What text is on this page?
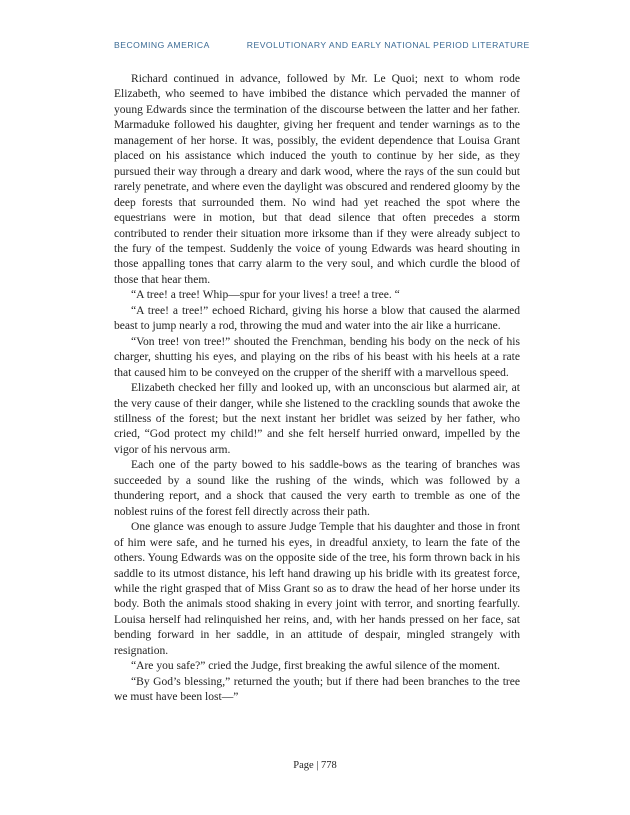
BECOMING AMERICA	REVOLUTIONARY AND EARLY NATIONAL PERIOD LITERATURE

Richard continued in advance, followed by Mr. Le Quoi; next to whom rode Elizabeth, who seemed to have imbibed the distance which pervaded the manner of young Edwards since the termination of the discourse between the latter and her father. Marmaduke followed his daughter, giving her frequent and tender warnings as to the management of her horse. It was, possibly, the evident dependence that Louisa Grant placed on his assistance which induced the youth to continue by her side, as they pursued their way through a dreary and dark wood, where the rays of the sun could but rarely penetrate, and where even the daylight was obscured and rendered gloomy by the deep forests that surrounded them. No wind had yet reached the spot where the equestrians were in motion, but that dead silence that often precedes a storm contributed to render their situation more irksome than if they were already subject to the fury of the tempest. Suddenly the voice of young Edwards was heard shouting in those appalling tones that carry alarm to the very soul, and which curdle the blood of those that hear them.

“A tree! a tree! Whip—spur for your lives! a tree! a tree. “

“A tree! a tree!” echoed Richard, giving his horse a blow that caused the alarmed beast to jump nearly a rod, throwing the mud and water into the air like a hurricane.

“Von tree! von tree!” shouted the Frenchman, bending his body on the neck of his charger, shutting his eyes, and playing on the ribs of his beast with his heels at a rate that caused him to be conveyed on the crupper of the sheriff with a marvellous speed.

Elizabeth checked her filly and looked up, with an unconscious but alarmed air, at the very cause of their danger, while she listened to the crackling sounds that awoke the stillness of the forest; but the next instant her bridlet was seized by her father, who cried, “God protect my child!” and she felt herself hurried onward, impelled by the vigor of his nervous arm.

Each one of the party bowed to his saddle-bows as the tearing of branches was succeeded by a sound like the rushing of the winds, which was followed by a thundering report, and a shock that caused the very earth to tremble as one of the noblest ruins of the forest fell directly across their path.

One glance was enough to assure Judge Temple that his daughter and those in front of him were safe, and he turned his eyes, in dreadful anxiety, to learn the fate of the others. Young Edwards was on the opposite side of the tree, his form thrown back in his saddle to its utmost distance, his left hand drawing up his bridle with its greatest force, while the right grasped that of Miss Grant so as to draw the head of her horse under its body. Both the animals stood shaking in every joint with terror, and snorting fearfully. Louisa herself had relinquished her reins, and, with her hands pressed on her face, sat bending forward in her saddle, in an attitude of despair, mingled strangely with resignation.

“Are you safe?” cried the Judge, first breaking the awful silence of the moment.

“By God’s blessing,” returned the youth; but if there had been branches to the tree we must have been lost—”

Page | 778
